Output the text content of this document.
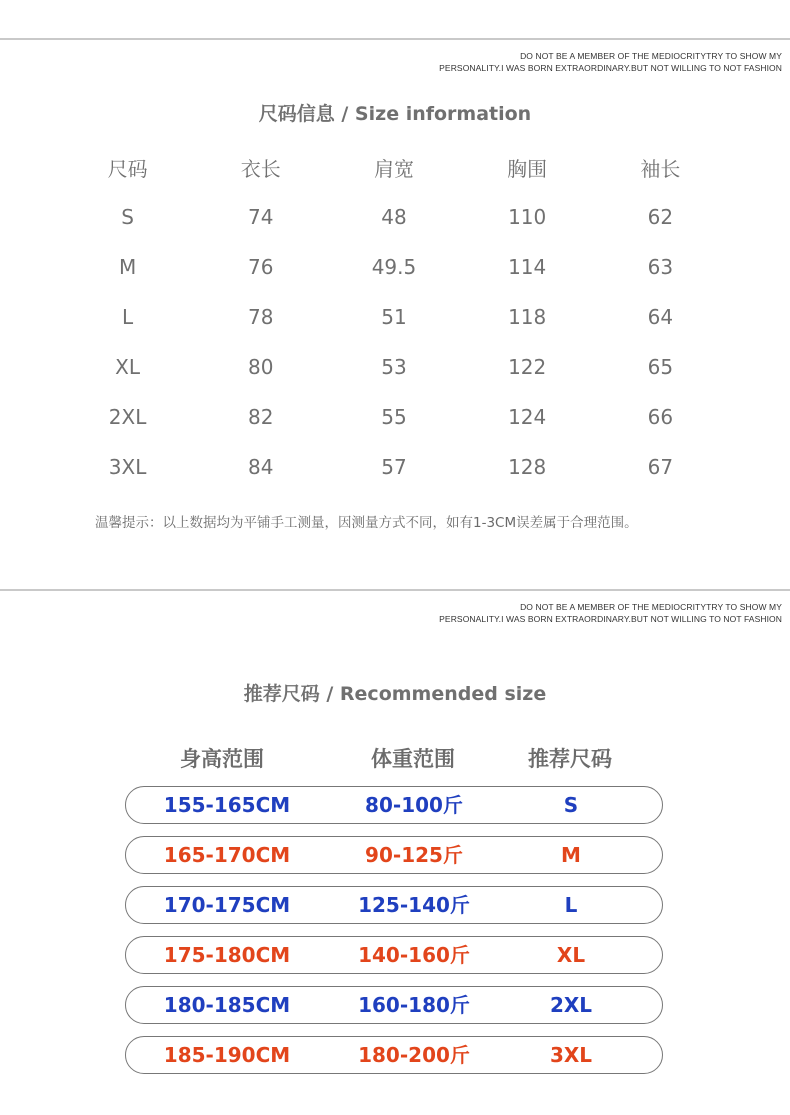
DO NOT BE A MEMBER OF THE MEDIOCRITYTRY TO SHOW MY
PERSONALITY.I WAS BORN EXTRAORDINARY.BUT NOT WILLING TO NOT FASHION
尺码信息 / Size information
尺码	衣长	肩宽	胸围	袖长
S	74	48	110	62
M	76	49.5	114	63
L	78	51	118	64
XL	80	53	122	65
2XL	82	55	124	66
3XL	84	57	128	67
温馨提示：以上数据均为平铺手工测量，因测量方式不同，如有1-3CM误差属于合理范围。
DO NOT BE A MEMBER OF THE MEDIOCRITYTRY TO SHOW MY
PERSONALITY.I WAS BORN EXTRAORDINARY.BUT NOT WILLING TO NOT FASHION
推荐尺码 / Recommended size
身高范围	体重范围	推荐尺码
155-165CM	80-100斤	S
165-170CM	90-125斤	M
170-175CM	125-140斤	L
175-180CM	140-160斤	XL
180-185CM	160-180斤	2XL
185-190CM	180-200斤	3XL
